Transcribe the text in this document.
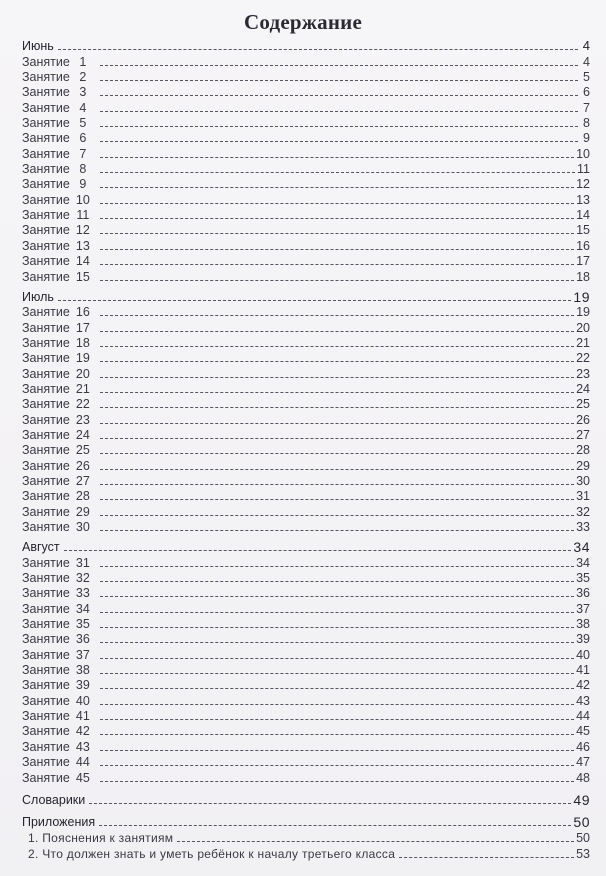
Содержание
Июнь	4
Занятие 1	4
Занятие 2	5
Занятие 3	6
Занятие 4	7
Занятие 5	8
Занятие 6	9
Занятие 7	10
Занятие 8	11
Занятие 9	12
Занятие 10	13
Занятие 11	14
Занятие 12	15
Занятие 13	16
Занятие 14	17
Занятие 15	18
Июль	19
Занятие 16	19
Занятие 17	20
Занятие 18	21
Занятие 19	22
Занятие 20	23
Занятие 21	24
Занятие 22	25
Занятие 23	26
Занятие 24	27
Занятие 25	28
Занятие 26	29
Занятие 27	30
Занятие 28	31
Занятие 29	32
Занятие 30	33
Август	34
Занятие 31	34
Занятие 32	35
Занятие 33	36
Занятие 34	37
Занятие 35	38
Занятие 36	39
Занятие 37	40
Занятие 38	41
Занятие 39	42
Занятие 40	43
Занятие 41	44
Занятие 42	45
Занятие 43	46
Занятие 44	47
Занятие 45	48
Словарики	49
Приложения	50
1. Пояснения к занятиям	50
2. Что должен знать и уметь ребёнок к началу третьего класса	53
